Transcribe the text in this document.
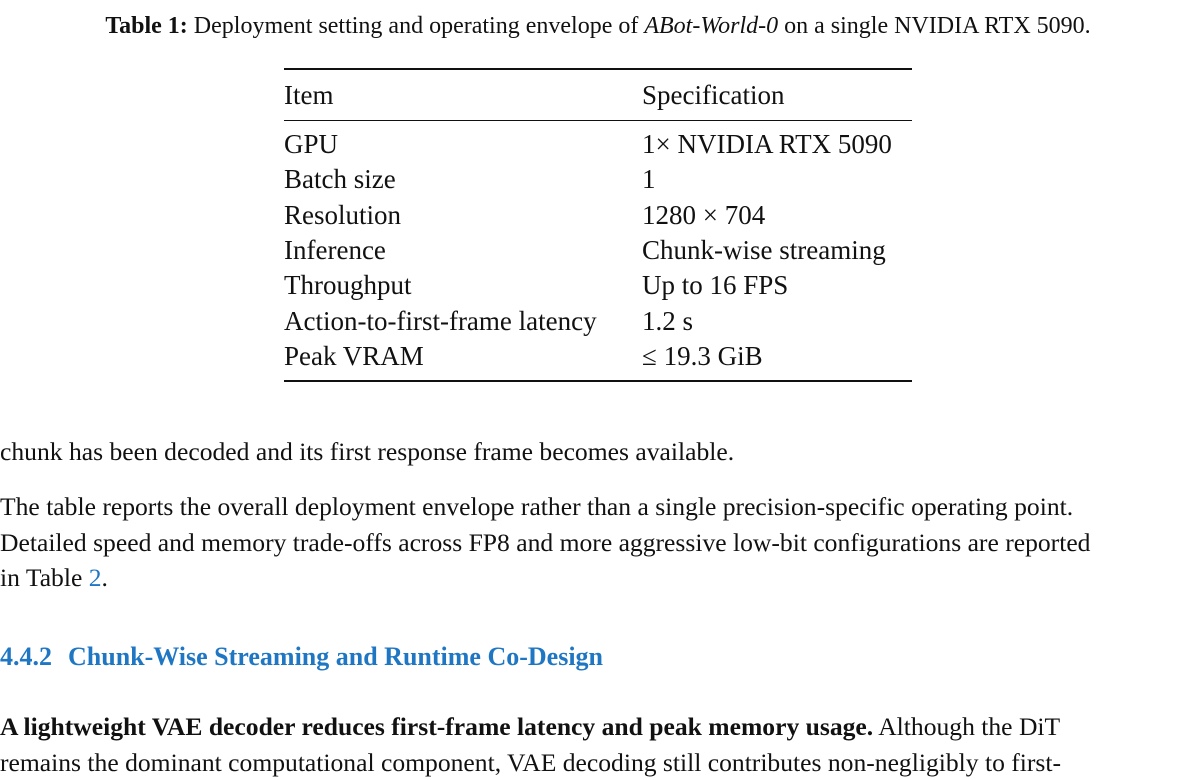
Table 1: Deployment setting and operating envelope of ABot-World-0 on a single NVIDIA RTX 5090.
Item	Specification
GPU	1× NVIDIA RTX 5090
Batch size	1
Resolution	1280 × 704
Inference	Chunk-wise streaming
Throughput	Up to 16 FPS
Action-to-first-frame latency	1.2 s
Peak VRAM	≤ 19.3 GiB
chunk has been decoded and its first response frame becomes available.
The table reports the overall deployment envelope rather than a single precision-specific operating point.
Detailed speed and memory trade-offs across FP8 and more aggressive low-bit configurations are reported
in Table 2.
4.4.2 Chunk-Wise Streaming and Runtime Co-Design
A lightweight VAE decoder reduces first-frame latency and peak memory usage. Although the DiT
remains the dominant computational component, VAE decoding still contributes non-negligibly to first-
